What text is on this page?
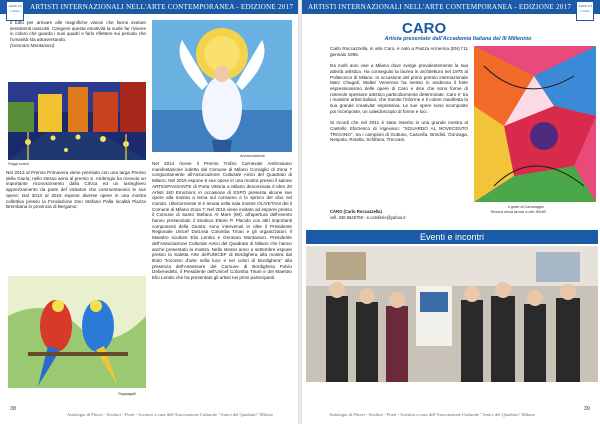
ARTISTI INTERNAZIONALI NELL'ARTE CONTEMPORANEA - EDIZIONE 2017
ARTE DI CASA
il tutto per arrivare alle magnifiche visioni che fanno svelare sentimenti nascosti. Cangemi questa emotività la vuole far rivivere in coloro che guarda i suoi quadri e farlo riflettere sui periodo che l'umanità sta attraversando.
(Gennaro Montanaro)
Paggi sorrisi
Nel 2013 al Premio Primavera viene premiato con una targa Premio della Giuria; nello stesso anno al premio S. Ambrogio ha ricevuto un importante riconoscimento dalla Critica ed un lusinghiero apprezzamento da parte del visitatori che commentavano le sue opere; Dal 2013 al 2015 espone diverse opere in una mostra collettiva presso la Fondazione Don Stefano Palla località Piazza Brembana in provincia di Bergamo;
Annunciazione
Nel 2014 riceve il Premio Trofeo Carnevale Ambrosiano manifestazione indetta dal Comune di Milano Consiglio di Zona 7 congiuntamente all'Associazione Culturale Amici del Quadrato di Milano; Nel 2015 espone 8 sue opere in una mostra presso il salone ARTESPASSANTE di Porta Vittoria a Milano denominata Il Ideo 20 Artisti 160 Emozioni; in occasione di EXPO presenta alcune sue opere alla mostra a tema sul consumo e lo spreco del cibo nel mondo. Ulteriormente si è tenuta nella sala mostre OLIVETANI del il Comune di Milano Zona 7; Nel 2016 viene invitato ad esporre presso il Comune di Santo Stefano Al Mare (IM): all'apertura dell'evento hanno presenziato il Sindaco Ettore P. Placido con altri importanti componenti della Giunta; sono intervenuti in oltre il Presidente Regionale Unicef Dott.ssa Colomba Tinari e gli organizzatori, il Maestro scultore Elio Lentini e Gennaro Montanaro. Presidente dell'Associazione Culturale Amici del Quadrato di Milano che hanno anche presentato la mostra. Nello stesso anno a settembre espone presso la Saletta Arte dell'UNICEF di Bordighera alla mostra dal titolo "Incontro d'arte nella luce e nei colori di Bordighera" alla presenza dell'Assessore del Comune di Bordighera Fulvio Debenedetti, il Presidente dell'Unicef Colomba Tinari e del Maestro Elio Lentini che ha presentato gli artisti nei primi partecipanti.
Pappagalli
Antologia di Pittori - Scultori - Poeti - Scrittori a cura dell'Associazione Culturale "Amici del Quadrato" Milano
38
ARTISTI INTERNAZIONALI NELL'ARTE CONTEMPORANEA - EDIZIONE 2017	ARTE DI CASA
CARO
Artista presentato dall'Accademia Italiana del III Millennio
Carlo Roccazzella, in arte Caro, è nato a Piazza Armerina (EN) l'11 gennaio 1955.

Da molti anni vive a Milano dove svolge prevalentemente la sua attività artistica. Ha conseguito la laurea in architettura nel 1975 al Politecnico di Milano. In occasione del primo premio internazionale Marc Chagall, Walter Veneroso ha messo in evidenza il forte espressionismo delle opere di Caro e dice che sono forme di notevole spessore artistico particolarmente determinate. Caro e' tra i massimi artisti italiani, che tramite l'informe e il colore manifesta la sua grande creativita' espressiva. Le sue opere sono scomposte poi ricomposte, un caleidoscopio di forme e luci.

Si ricordi che nel 2011 è stato inserito in una grande mostra al Castello Sforzesco di Vigevano: "SGUARDO AL NOVECENTO TRIGANO", tra i campioni di Guttuso, Cascella, Brindisi, Gonzaga, Nespolo, Rotella, Schifano, Treccani.
CARO (Carlo Roccazzella)
cell. 348 8645750 - e.caroferio@yahoo.it
Il grido di Caravaggio
Tecnica mista tavola a olio 90x60
Eventi e incontri
Antologia di Pittori - Scultori - Poeti - Scrittori a cura dell'Associazione Culturale "Amici del Quadrato" Milano
39
